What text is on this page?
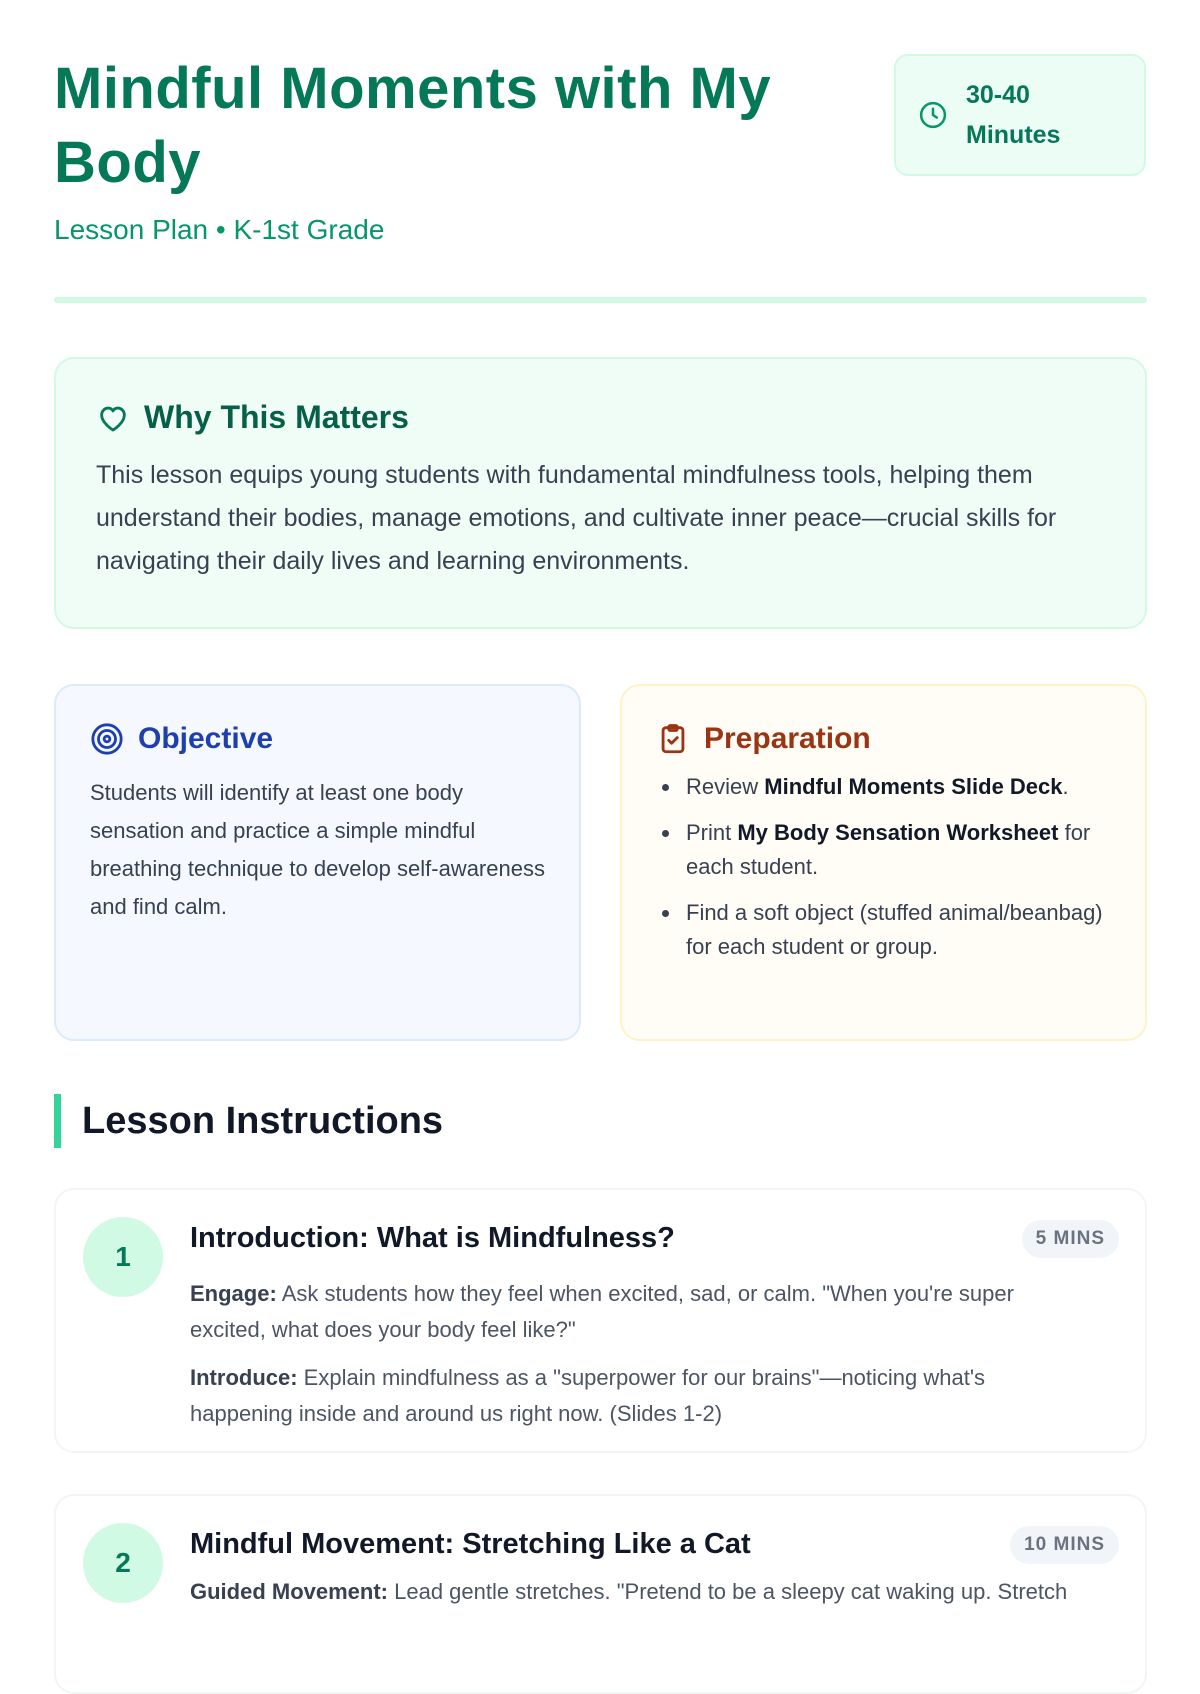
Mindful Moments with My Body
Lesson Plan • K-1st Grade
30-40 Minutes
Why This Matters
This lesson equips young students with fundamental mindfulness tools, helping them understand their bodies, manage emotions, and cultivate inner peace—crucial skills for navigating their daily lives and learning environments.
Objective
Students will identify at least one body sensation and practice a simple mindful breathing technique to develop self-awareness and find calm.
Preparation
• Review Mindful Moments Slide Deck.
• Print My Body Sensation Worksheet for each student.
• Find a soft object (stuffed animal/beanbag) for each student or group.
Lesson Instructions
1
Introduction: What is Mindfulness?	5 MINS

Engage: Ask students how they feel when excited, sad, or calm. "When you're super excited, what does your body feel like?"

Introduce: Explain mindfulness as a "superpower for our brains"—noticing what's happening inside and around us right now. (Slides 1-2)

2
Mindful Movement: Stretching Like a Cat	10 MINS

Guided Movement: Lead gentle stretches. "Pretend to be a sleepy cat waking up. Stretch
